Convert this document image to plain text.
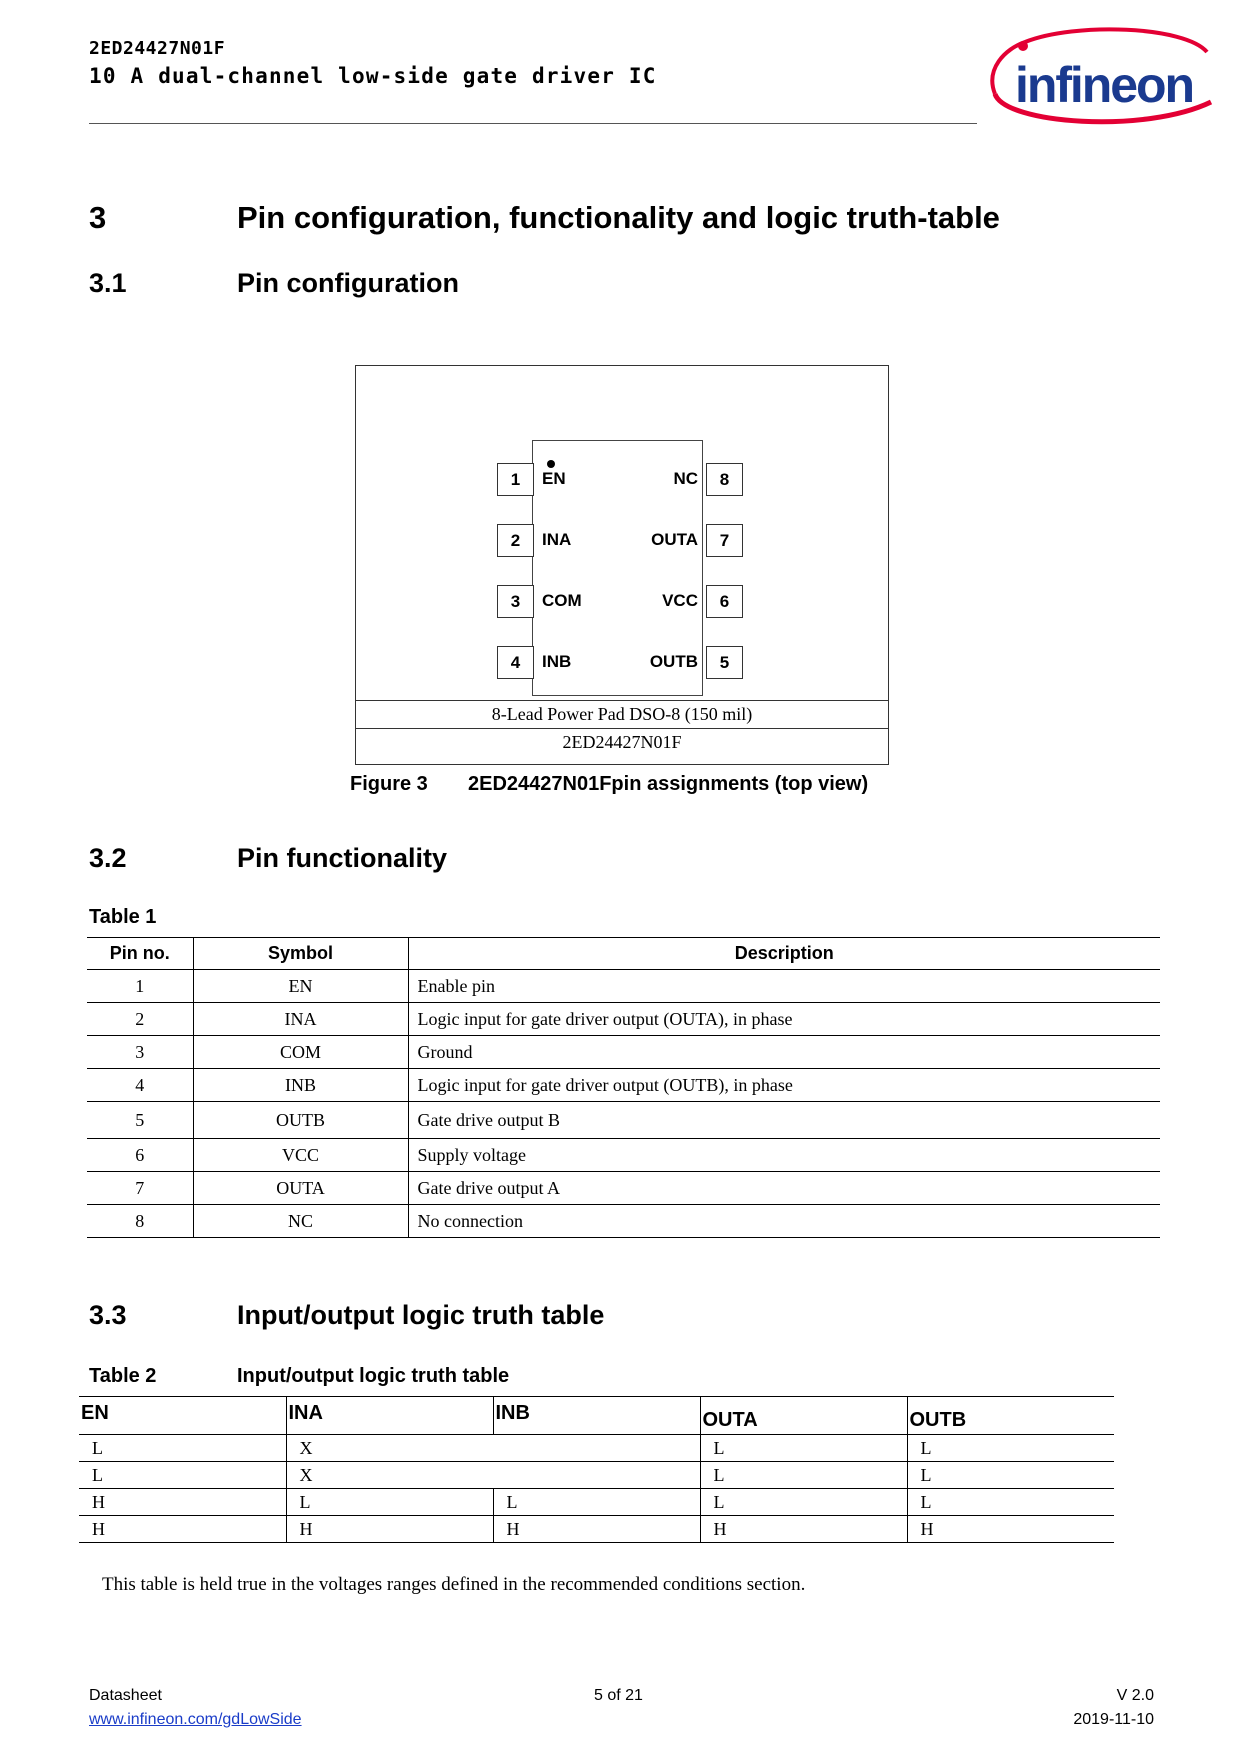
2ED24427N01F
10 A dual-channel low-side gate driver IC	infineon
3	Pin configuration, functionality and logic truth-table
3.1	Pin configuration
1	EN
2	INA
3	COM
4	INB
8
NC
7
OUTA
6
VCC
5
OUTB
8-Lead Power Pad DSO-8 (150 mil)
2ED24427N01F
Figure 3 2ED24427N01Fpin assignments (top view)
3.2	Pin functionality
Table 1
Pin no.	Symbol	Description
1	EN	Enable pin
2	INA	Logic input for gate driver output (OUTA), in phase
3	COM	Ground
4	INB	Logic input for gate driver output (OUTB), in phase
5	OUTB	Gate drive output B
6	VCC	Supply voltage
7	OUTA	Gate drive output A
8	NC	No connection
3.3	Input/output logic truth table
Table 2	Input/output logic truth table
EN	INA	INB	OUTA	OUTB
L	X		L	L
L	X		L	L
H	L	L	L	L
H	H	H	H	H
This table is held true in the voltages ranges defined in the recommended conditions section.
Datasheet
www.infineon.com/gdLowSide
5 of 21	V 2.0
2019-11-10
